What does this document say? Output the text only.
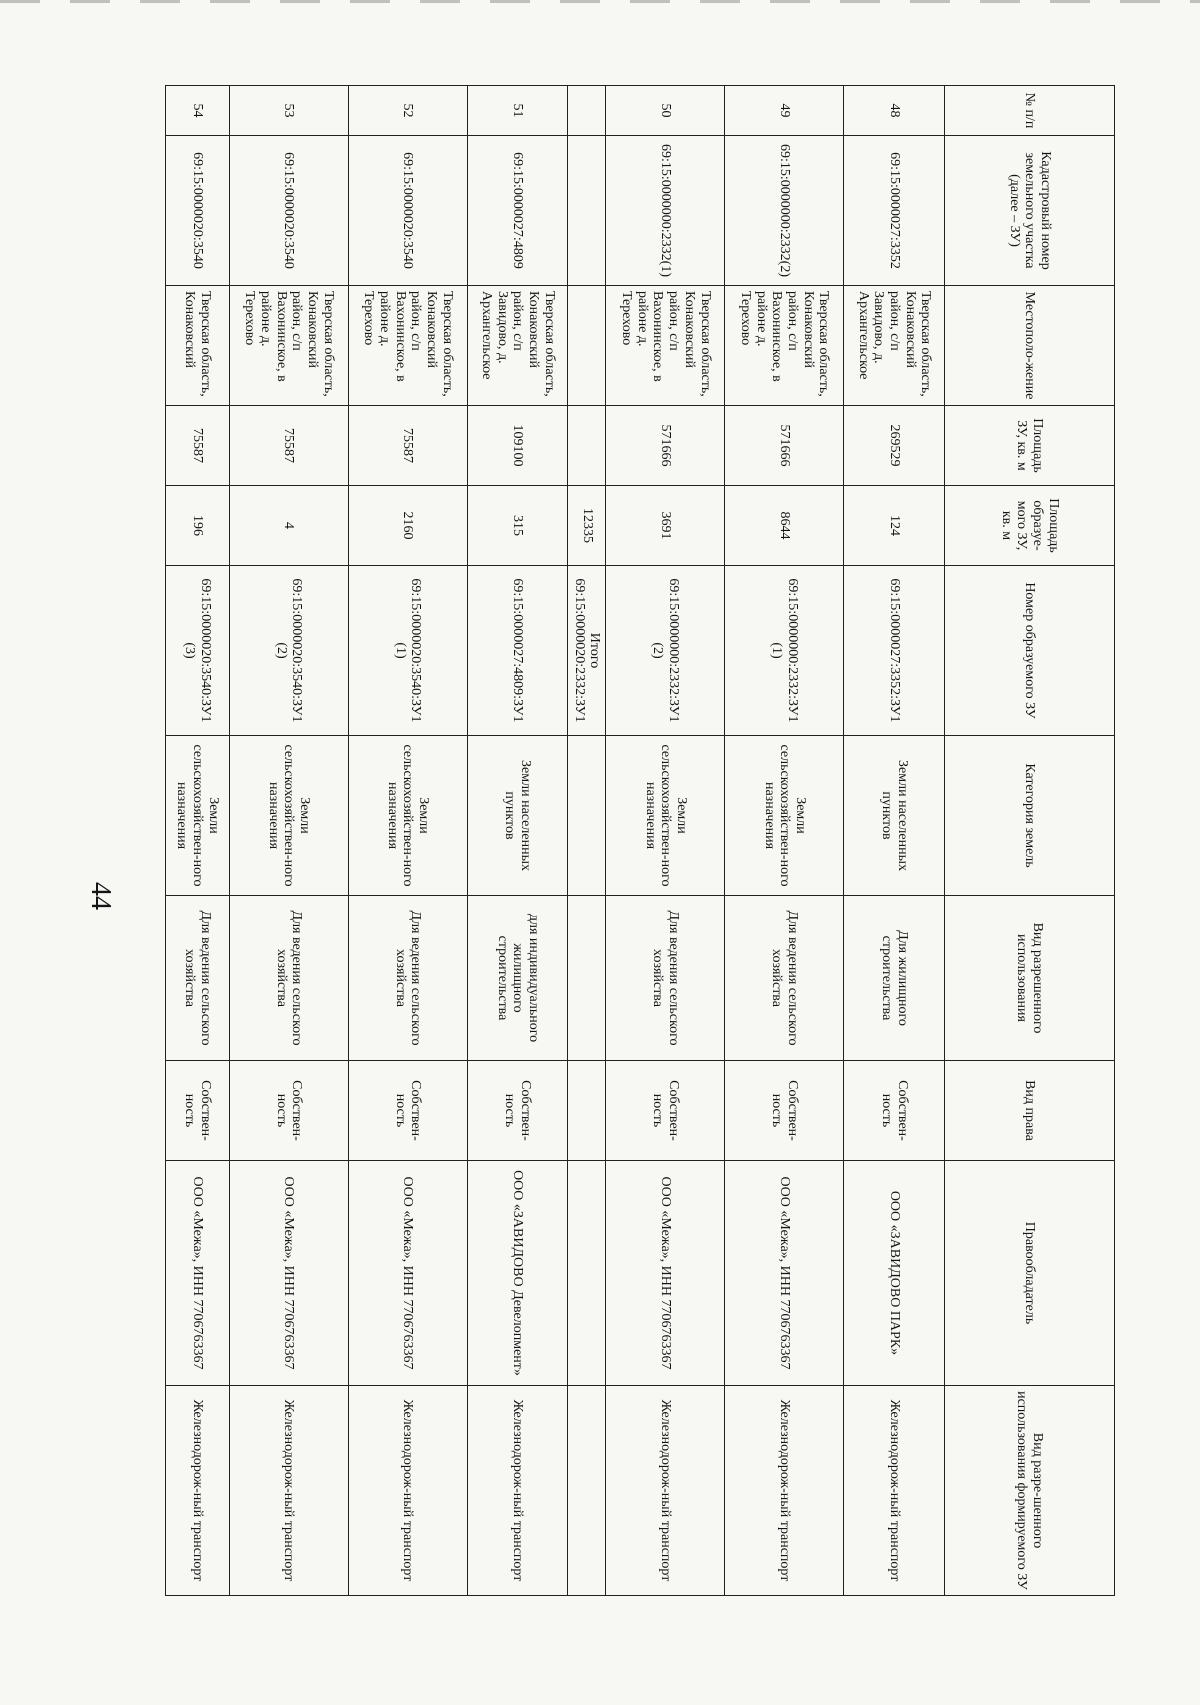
44
№ п/п	Кадастровый номер земельного участка (далее – ЗУ)	Местополо-жение	Площадь ЗУ, кв. м	Площадь образуе-мого ЗУ, кв. м	Номер образуемого ЗУ	Категория земель	Вид разрешенного использования	Вид права	Правообладатель	Вид разре-шенного использования формируемого ЗУ
48	69:15:0000027:3352	Тверская область, Конаковский район, с/п Завидово, д. Архангельское	269529	124	69:15:0000027:3352:ЗУ1	Земли населенных пунктов	Для жилищного строительства	Собствен-ность	ООО «ЗАВИДОВО ПАРК»	Железнодорож-ный транспорт
49	69:15:0000000:2332(2)	Тверская область, Конаковский район, с/п Вахонинское, в районе д. Терехово	571666	8644	69:15:0000000:2332:ЗУ1 (1)	Земли сельскохозяйствен-ного назначения	Для ведения сельского хозяйства	Собствен-ность	ООО «Межа», ИНН 7706763367	Железнодорож-ный транспорт
50	69:15:0000000:2332(1)	Тверская область, Конаковский район, с/п Вахонинское, в районе д. Терехово	571666	3691	69:15:0000000:2332:ЗУ1 (2)	Земли сельскохозяйствен-ного назначения	Для ведения сельского хозяйства	Собствен-ность	ООО «Межа», ИНН 7706763367	Железнодорож-ный транспорт
				12335	Итого 69:15:0000020:2332:ЗУ1					
51	69:15:0000027:4809	Тверская область, Конаковский район, с/п Завидово, д. Архангельское	109100	315	69:15:0000027:4809:ЗУ1	Земли населенных пунктов	для индивидуального жилищного строительства	Собствен-ность	ООО «ЗАВИДОВО Девелопмент»	Железнодорож-ный транспорт
52	69:15:0000020:3540	Тверская область, Конаковский район, с/п Вахонинское, в районе д. Терехово	75587	2160	69:15:0000020:3540:ЗУ1 (1)	Земли сельскохозяйствен-ного назначения	Для ведения сельского хозяйства	Собствен-ность	ООО «Межа», ИНН 7706763367	Железнодорож-ный транспорт
53	69:15:0000020:3540	Тверская область, Конаковский район, с/п Вахонинское, в районе д. Терехово	75587	4	69:15:0000020:3540:ЗУ1 (2)	Земли сельскохозяйствен-ного назначения	Для ведения сельского хозяйства	Собствен-ность	ООО «Межа», ИНН 7706763367	Железнодорож-ный транспорт
54	69:15:0000020:3540	Тверская область, Конаковский	75587	196	69:15:0000020:3540:ЗУ1 (3)	Земли сельскохозяйствен-ного назначения	Для ведения сельского хозяйства	Собствен-ность	ООО «Межа», ИНН 7706763367	Железнодорож-ный транспорт
